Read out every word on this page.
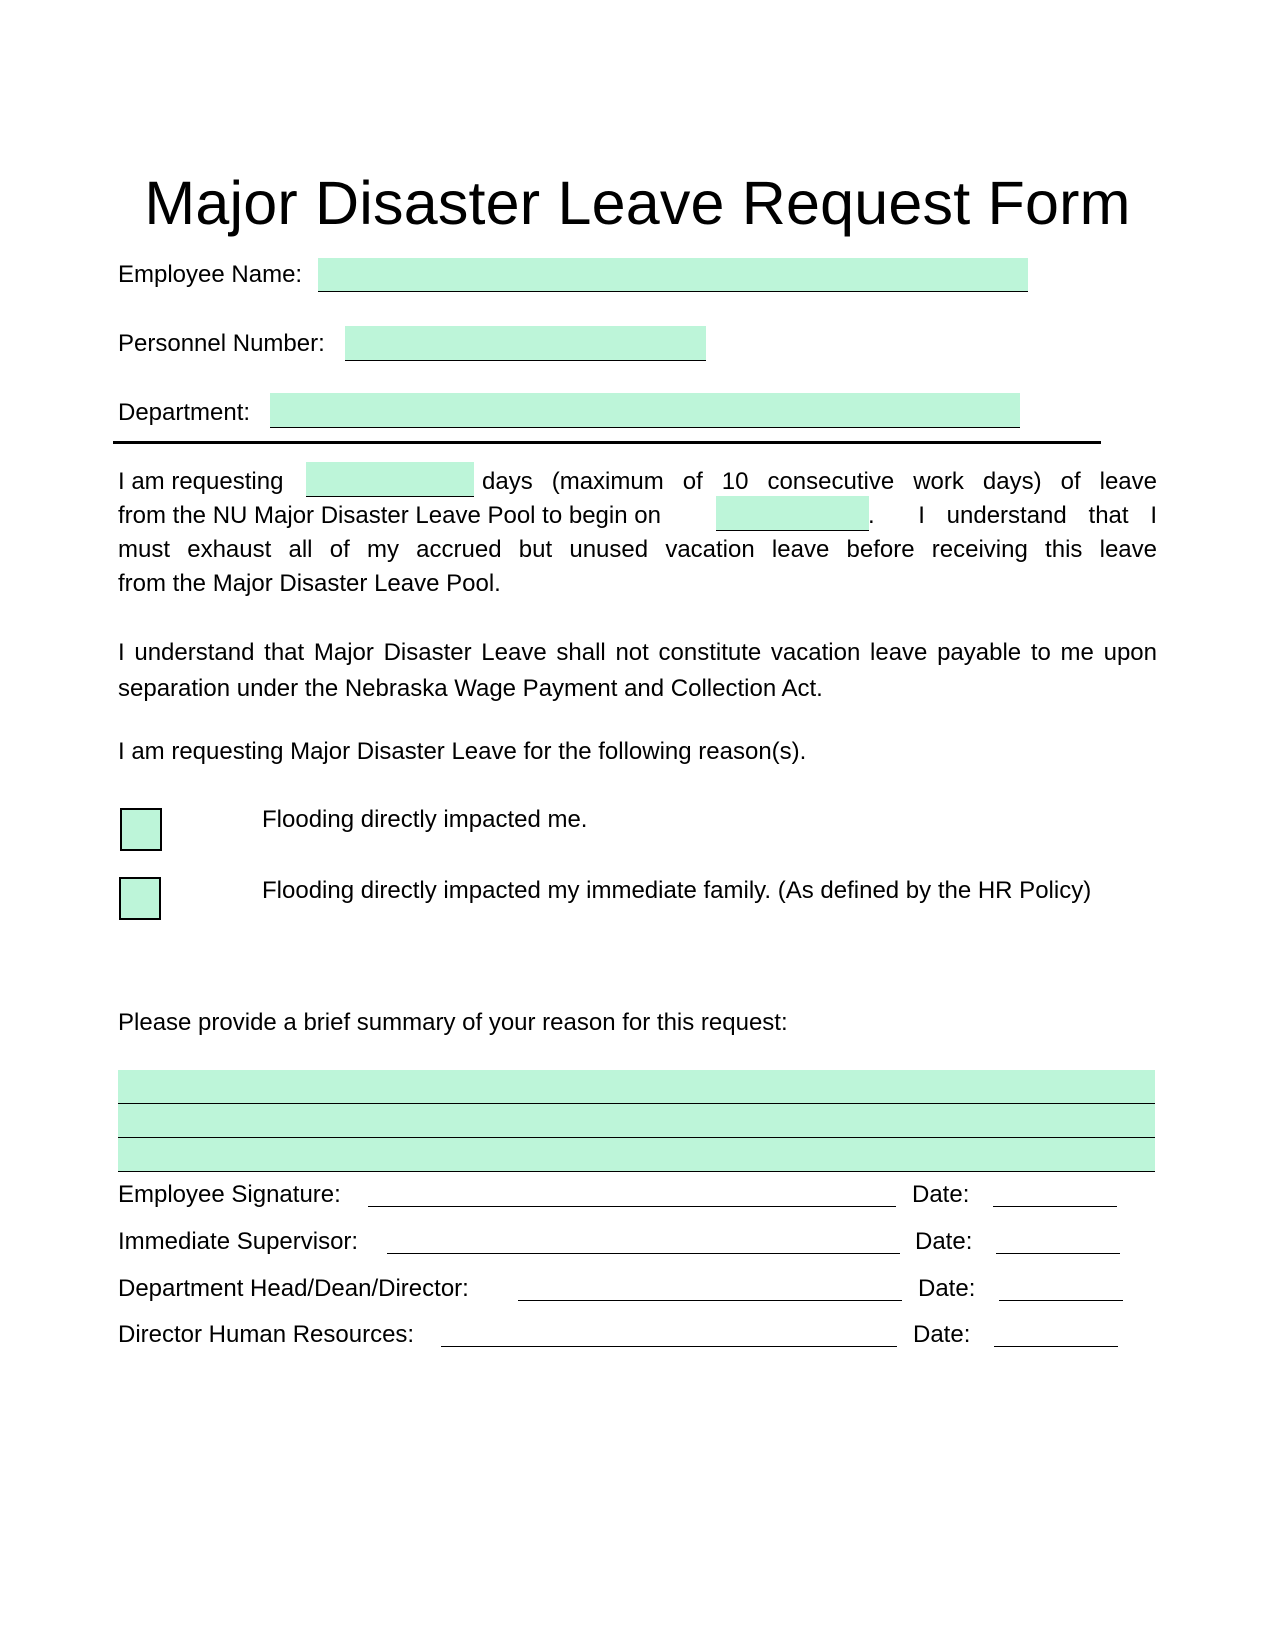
Major Disaster Leave Request Form
Employee Name:
Personnel Number:
Department:
I am requesting	days (maximum of 10 consecutive work days) of leave
from the NU Major Disaster Leave Pool to begin on	.  I understand that I
must exhaust all of my accrued but unused vacation leave before receiving this leave
from the Major Disaster Leave Pool.
I understand that Major Disaster Leave shall not constitute vacation leave payable to me upon separation under the Nebraska Wage Payment and Collection Act.
I am requesting Major Disaster Leave for the following reason(s).
Flooding directly impacted me.
Flooding directly impacted my immediate family. (As defined by the HR Policy)
Please provide a brief summary of your reason for this request:
Employee Signature:	Date:
Immediate Supervisor:	Date:
Department Head/Dean/Director:	Date:
Director Human Resources:	Date:
